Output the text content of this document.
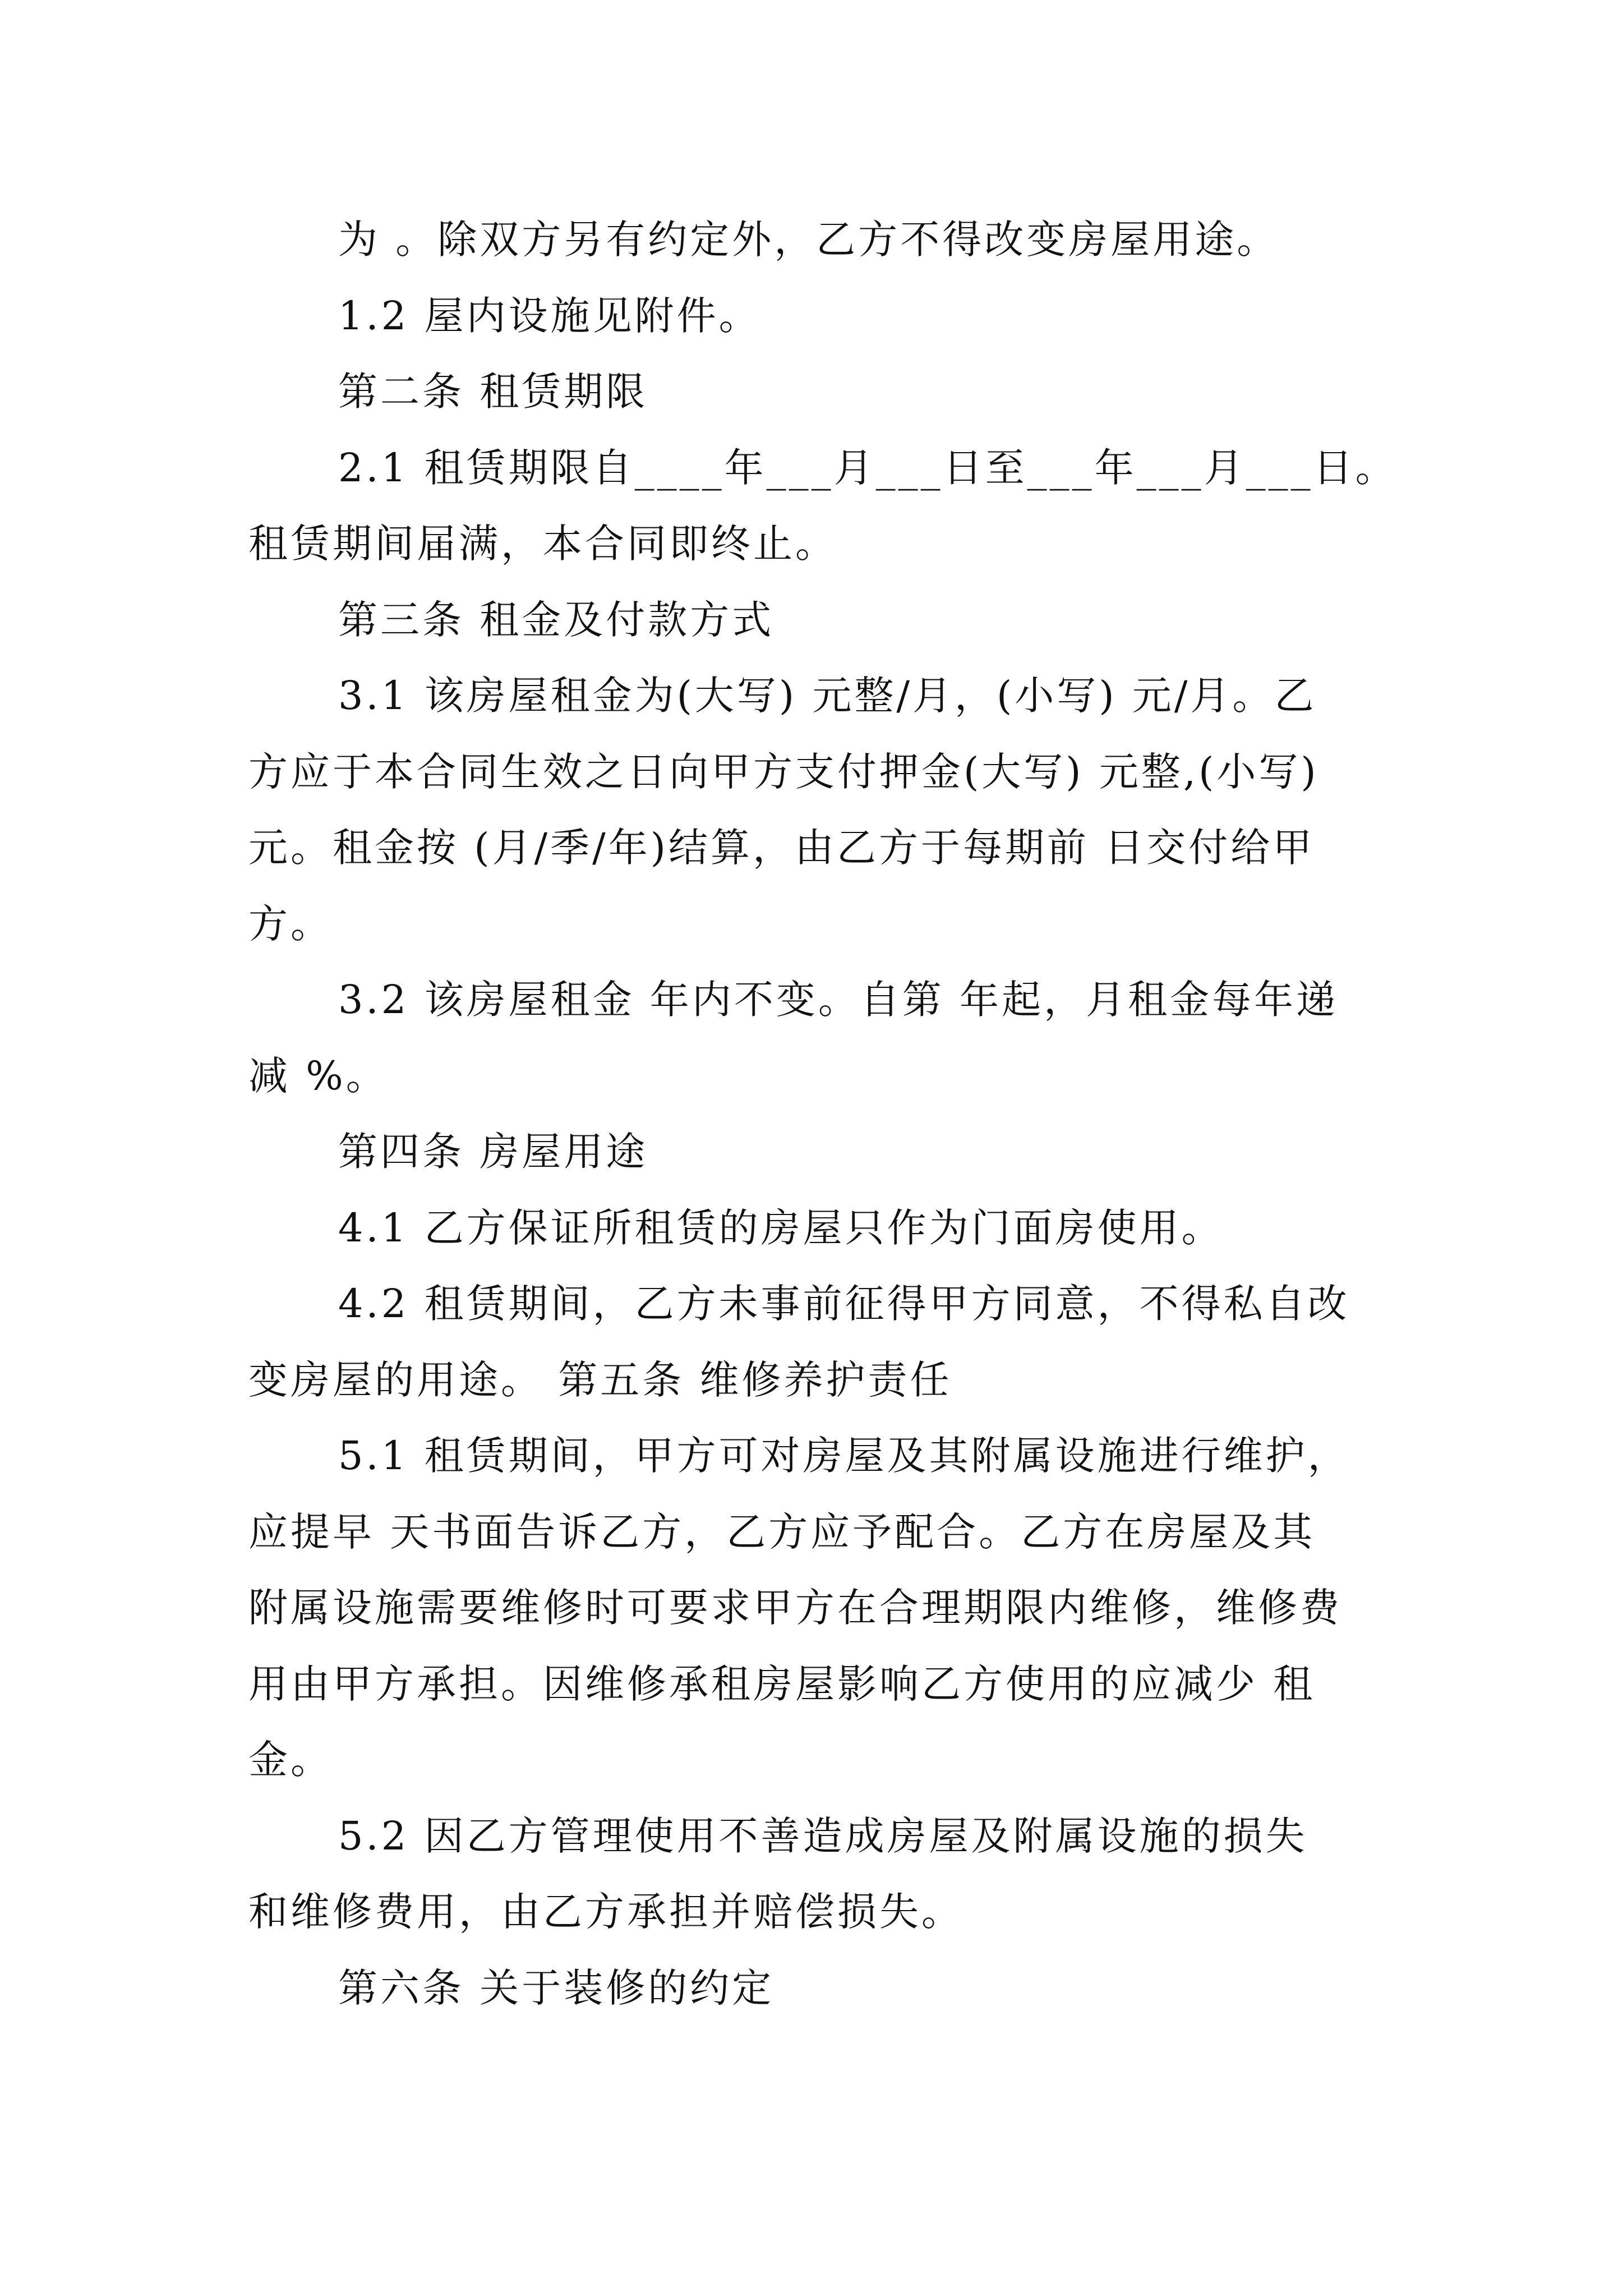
为 。除双方另有约定外，乙方不得改变房屋用途。
1.2 屋内设施见附件。
第二条 租赁期限
2.1 租赁期限自____年___月___日至___年___月___日。
租赁期间届满，本合同即终止。
第三条 租金及付款方式
3.1 该房屋租金为(大写) 元整/月，(小写) 元/月。乙
方应于本合同生效之日向甲方支付押金(大写) 元整,(小写)
元。租金按 (月/季/年)结算，由乙方于每期前 日交付给甲
方。
3.2 该房屋租金 年内不变。自第 年起，月租金每年递
减 %。
第四条 房屋用途
4.1 乙方保证所租赁的房屋只作为门面房使用。
4.2 租赁期间，乙方未事前征得甲方同意，不得私自改
变房屋的用途。 第五条 维修养护责任
5.1 租赁期间，甲方可对房屋及其附属设施进行维护，
应提早 天书面告诉乙方，乙方应予配合。乙方在房屋及其
附属设施需要维修时可要求甲方在合理期限内维修，维修费
用由甲方承担。因维修承租房屋影响乙方使用的应减少 租
金。
5.2 因乙方管理使用不善造成房屋及附属设施的损失
和维修费用，由乙方承担并赔偿损失。
第六条 关于装修的约定
